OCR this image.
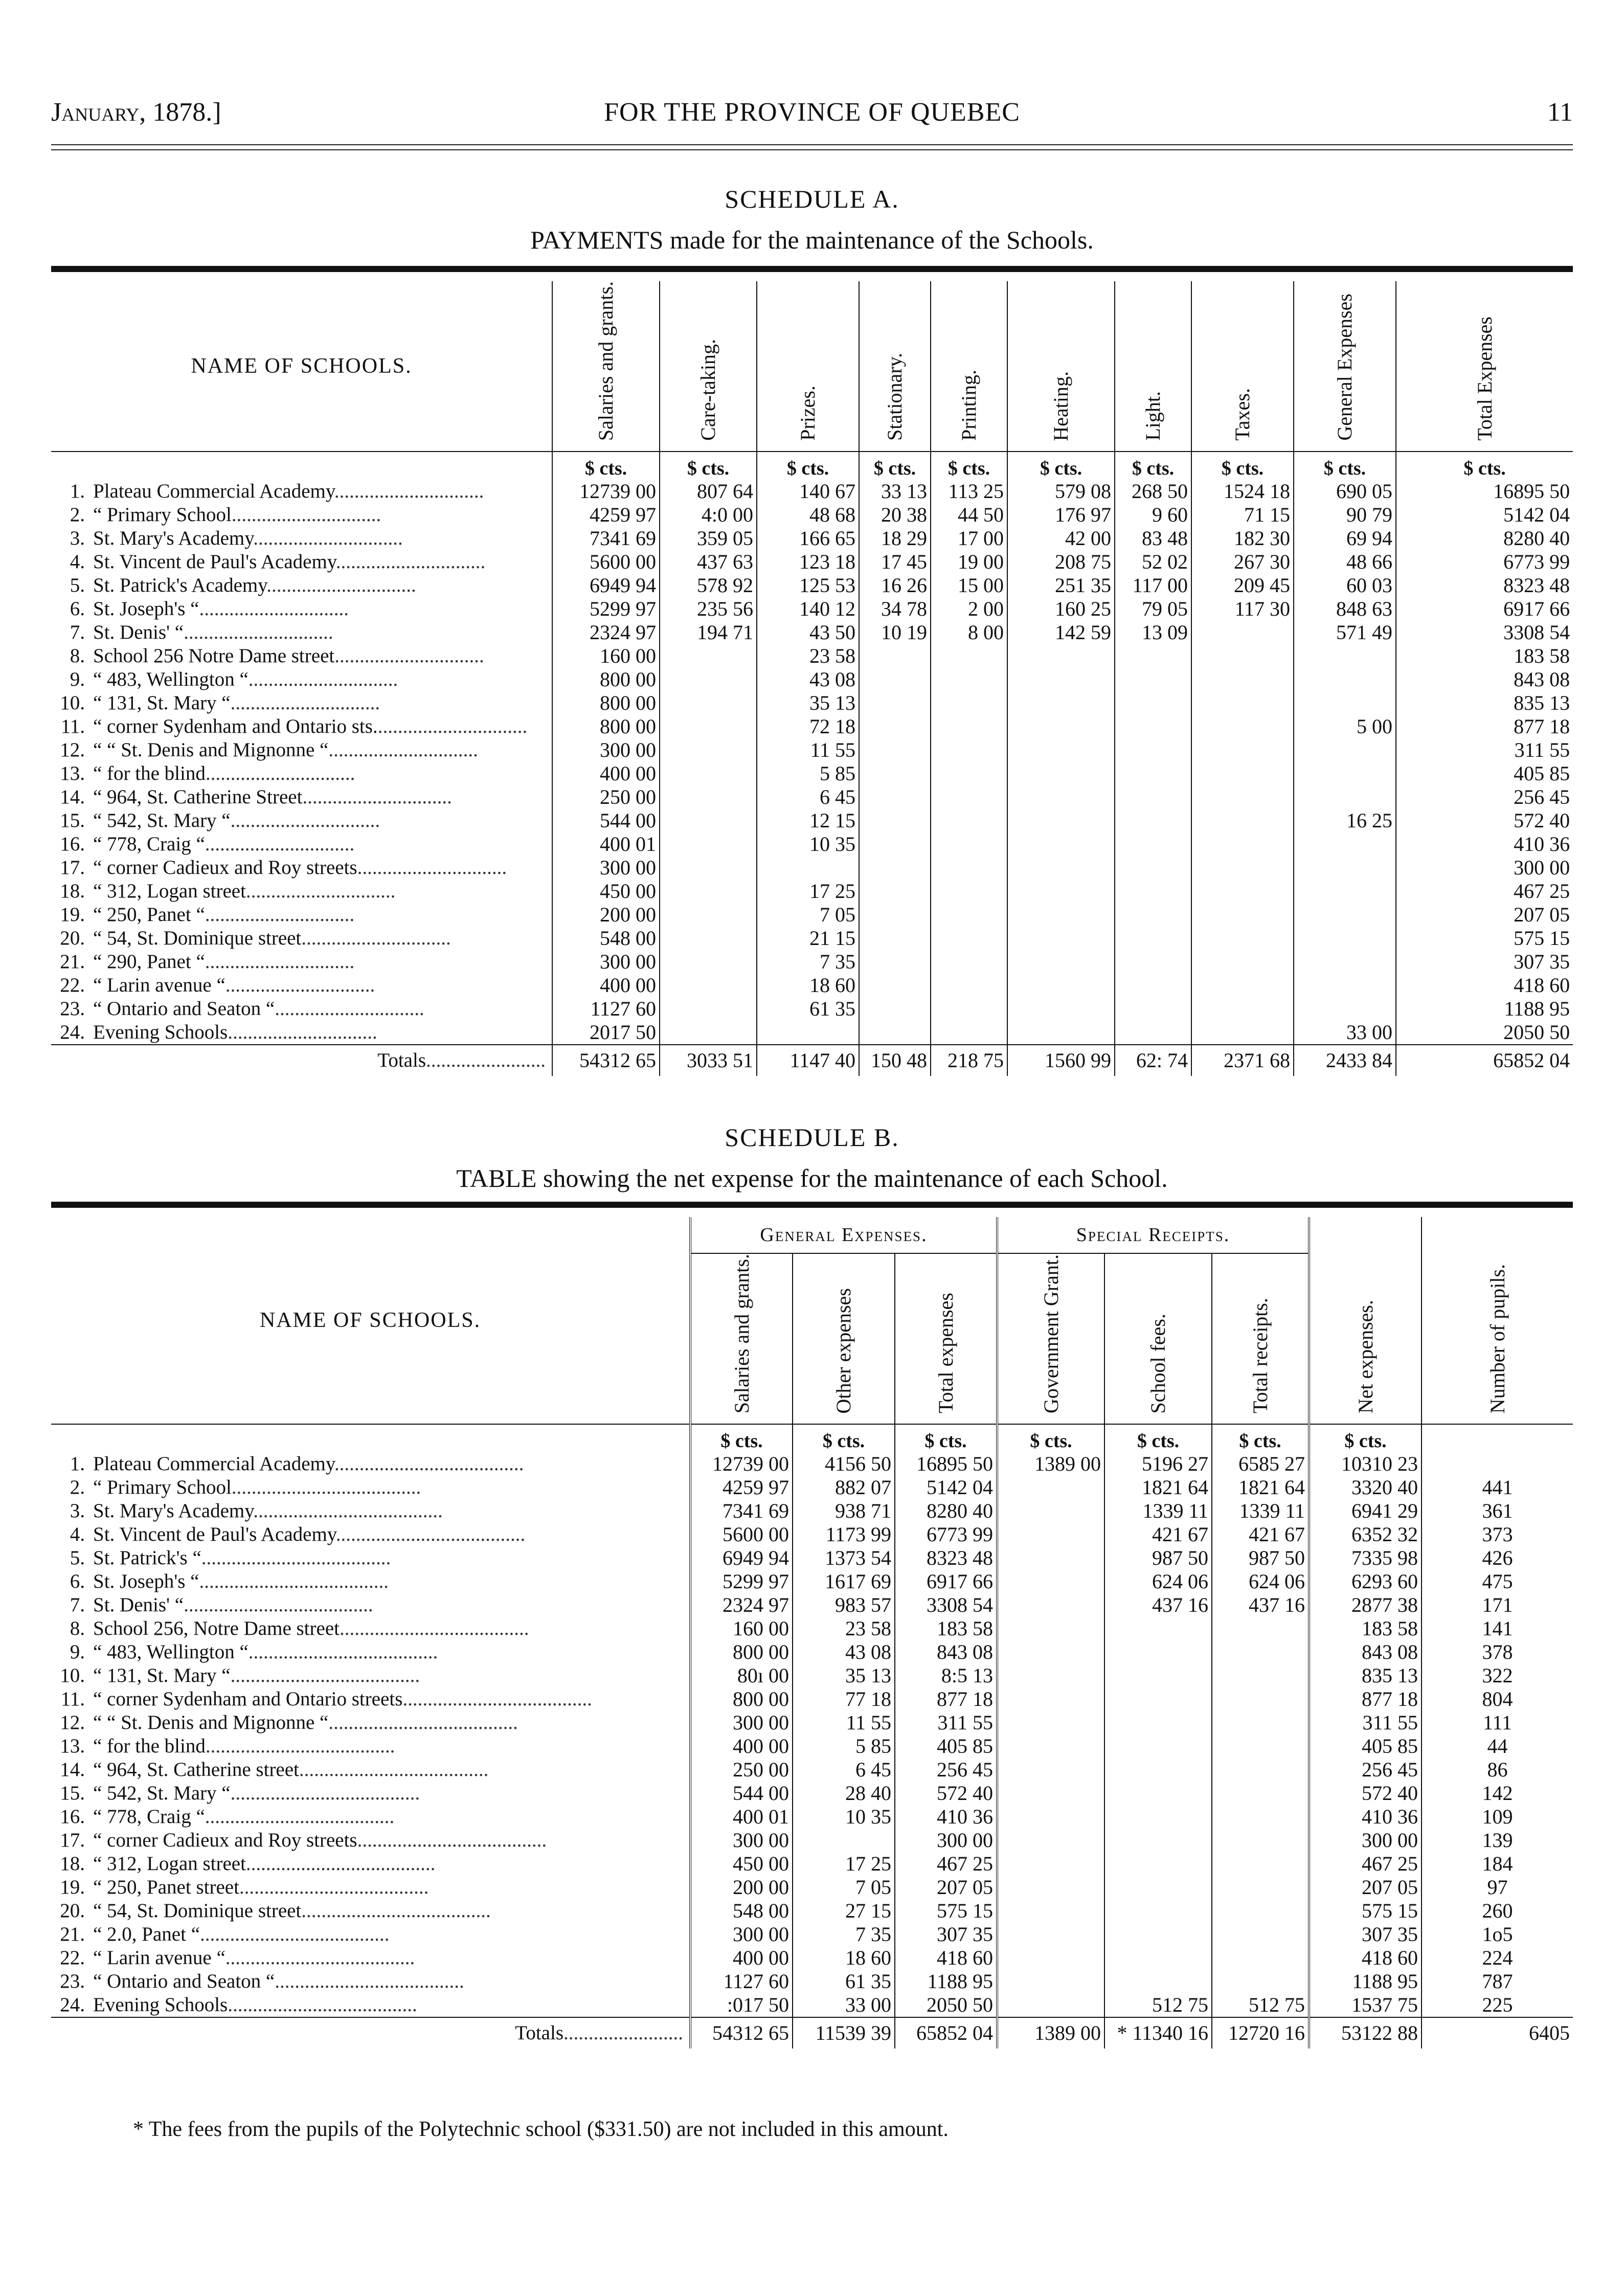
January, 1878.]	FOR THE PROVINCE OF QUEBEC	11
SCHEDULE A.
PAYMENTS made for the maintenance of the Schools.

NAME OF SCHOOLS.	Salaries and grants.	Care-taking.	Prizes.	Stationary.	Printing.	Heating.	Light.	Taxes.	General Expenses	Total Expenses

	$ cts.	$ cts.	$ cts.	$ cts.	$ cts.	$ cts.	$ cts.	$ cts.	$ cts.	$ cts.
1. Plateau Commercial Academy..............................	12739 00	807 64	140 67	33 13	113 25	579 08	268 50	1524 18	690 05	16895 50
2. “ Primary School..............................	4259 97	4:0 00	48 68	20 38	44 50	176 97	9 60	71 15	90 79	5142 04
3. St. Mary's Academy..............................	7341 69	359 05	166 65	18 29	17 00	42 00	83 48	182 30	69 94	8280 40
4. St. Vincent de Paul's Academy..............................	5600 00	437 63	123 18	17 45	19 00	208 75	52 02	267 30	48 66	6773 99
5. St. Patrick's Academy..............................	6949 94	578 92	125 53	16 26	15 00	251 35	117 00	209 45	60 03	8323 48
6. St. Joseph's “..............................	5299 97	235 56	140 12	34 78	2 00	160 25	79 05	117 30	848 63	6917 66
7. St. Denis' “..............................	2324 97	194 71	43 50	10 19	8 00	142 59	13 09		571 49	3308 54
8. School 256 Notre Dame street..............................	160 00		23 58							183 58
9. “ 483, Wellington “..............................	800 00		43 08							843 08
10. “ 131, St. Mary “..............................	800 00		35 13							835 13
11. “ corner Sydenham and Ontario sts...............................	800 00		72 18						5 00	877 18
12. “ “ St. Denis and Mignonne “..............................	300 00		11 55							311 55
13. “ for the blind..............................	400 00		5 85							405 85
14. “ 964, St. Catherine Street..............................	250 00		6 45							256 45
15. “ 542, St. Mary “..............................	544 00		12 15						16 25	572 40
16. “ 778, Craig “..............................	400 01		10 35							410 36
17. “ corner Cadieux and Roy streets..............................	300 00									300 00
18. “ 312, Logan street..............................	450 00		17 25							467 25
19. “ 250, Panet “..............................	200 00		7 05							207 05
20. “ 54, St. Dominique street..............................	548 00		21 15							575 15
21. “ 290, Panet “..............................	300 00		7 35							307 35
22. “ Larin avenue “..............................	400 00		18 60							418 60
23. “ Ontario and Seaton “..............................	1127 60		61 35							1188 95
24. Evening Schools..............................	2017 50								33 00	2050 50
Totals........................	54312 65	3033 51	1147 40	150 48	218 75	1560 99	62: 74	2371 68	2433 84	65852 04
SCHEDULE B.
TABLE showing the net expense for the maintenance of each School.

NAME OF SCHOOLS.	General Expenses.			Special Receipts.			Net expenses.	Number of pupils.

	Salaries and grants.	Other expenses	Total expenses	Government Grant.	School fees.	Total receipts.		

	$ cts.	$ cts.	$ cts.	$ cts.	$ cts.	$ cts.	$ cts.	
1. Plateau Commercial Academy......................................	12739 00	4156 50	16895 50	1389 00	5196 27	6585 27	10310 23	
2. “ Primary School......................................	4259 97	882 07	5142 04		1821 64	1821 64	3320 40	441
3. St. Mary's Academy......................................	7341 69	938 71	8280 40		1339 11	1339 11	6941 29	361
4. St. Vincent de Paul's Academy......................................	5600 00	1173 99	6773 99		421 67	421 67	6352 32	373
5. St. Patrick's “......................................	6949 94	1373 54	8323 48		987 50	987 50	7335 98	426
6. St. Joseph's “......................................	5299 97	1617 69	6917 66		624 06	624 06	6293 60	475
7. St. Denis' “......................................	2324 97	983 57	3308 54		437 16	437 16	2877 38	171
8. School 256, Notre Dame street......................................	160 00	23 58	183 58				183 58	141
9. “ 483, Wellington “......................................	800 00	43 08	843 08				843 08	378
10. “ 131, St. Mary “......................................	80ı 00	35 13	8:5 13				835 13	322
11. “ corner Sydenham and Ontario streets......................................	800 00	77 18	877 18				877 18	804
12. “ “ St. Denis and Mignonne “......................................	300 00	11 55	311 55				311 55	111
13. “ for the blind......................................	400 00	5 85	405 85				405 85	44
14. “ 964, St. Catherine street......................................	250 00	6 45	256 45				256 45	86
15. “ 542, St. Mary “......................................	544 00	28 40	572 40				572 40	142
16. “ 778, Craig “......................................	400 01	10 35	410 36				410 36	109
17. “ corner Cadieux and Roy streets......................................	300 00		300 00				300 00	139
18. “ 312, Logan street......................................	450 00	17 25	467 25				467 25	184
19. “ 250, Panet street......................................	200 00	7 05	207 05				207 05	97
20. “ 54, St. Dominique street......................................	548 00	27 15	575 15				575 15	260
21. “ 2.0, Panet “......................................	300 00	7 35	307 35				307 35	1ο5
22. “ Larin avenue “......................................	400 00	18 60	418 60				418 60	224
23. “ Ontario and Seaton “......................................	1127 60	61 35	1188 95				1188 95	787
24. Evening Schools......................................	:017 50	33 00	2050 50		512 75	512 75	1537 75	225
Totals........................	54312 65	11539 39	65852 04	1389 00	* 11340 16	12720 16	53122 88	6405
* The fees from the pupils of the Polytechnic school ($331.50) are not included in this amount.
